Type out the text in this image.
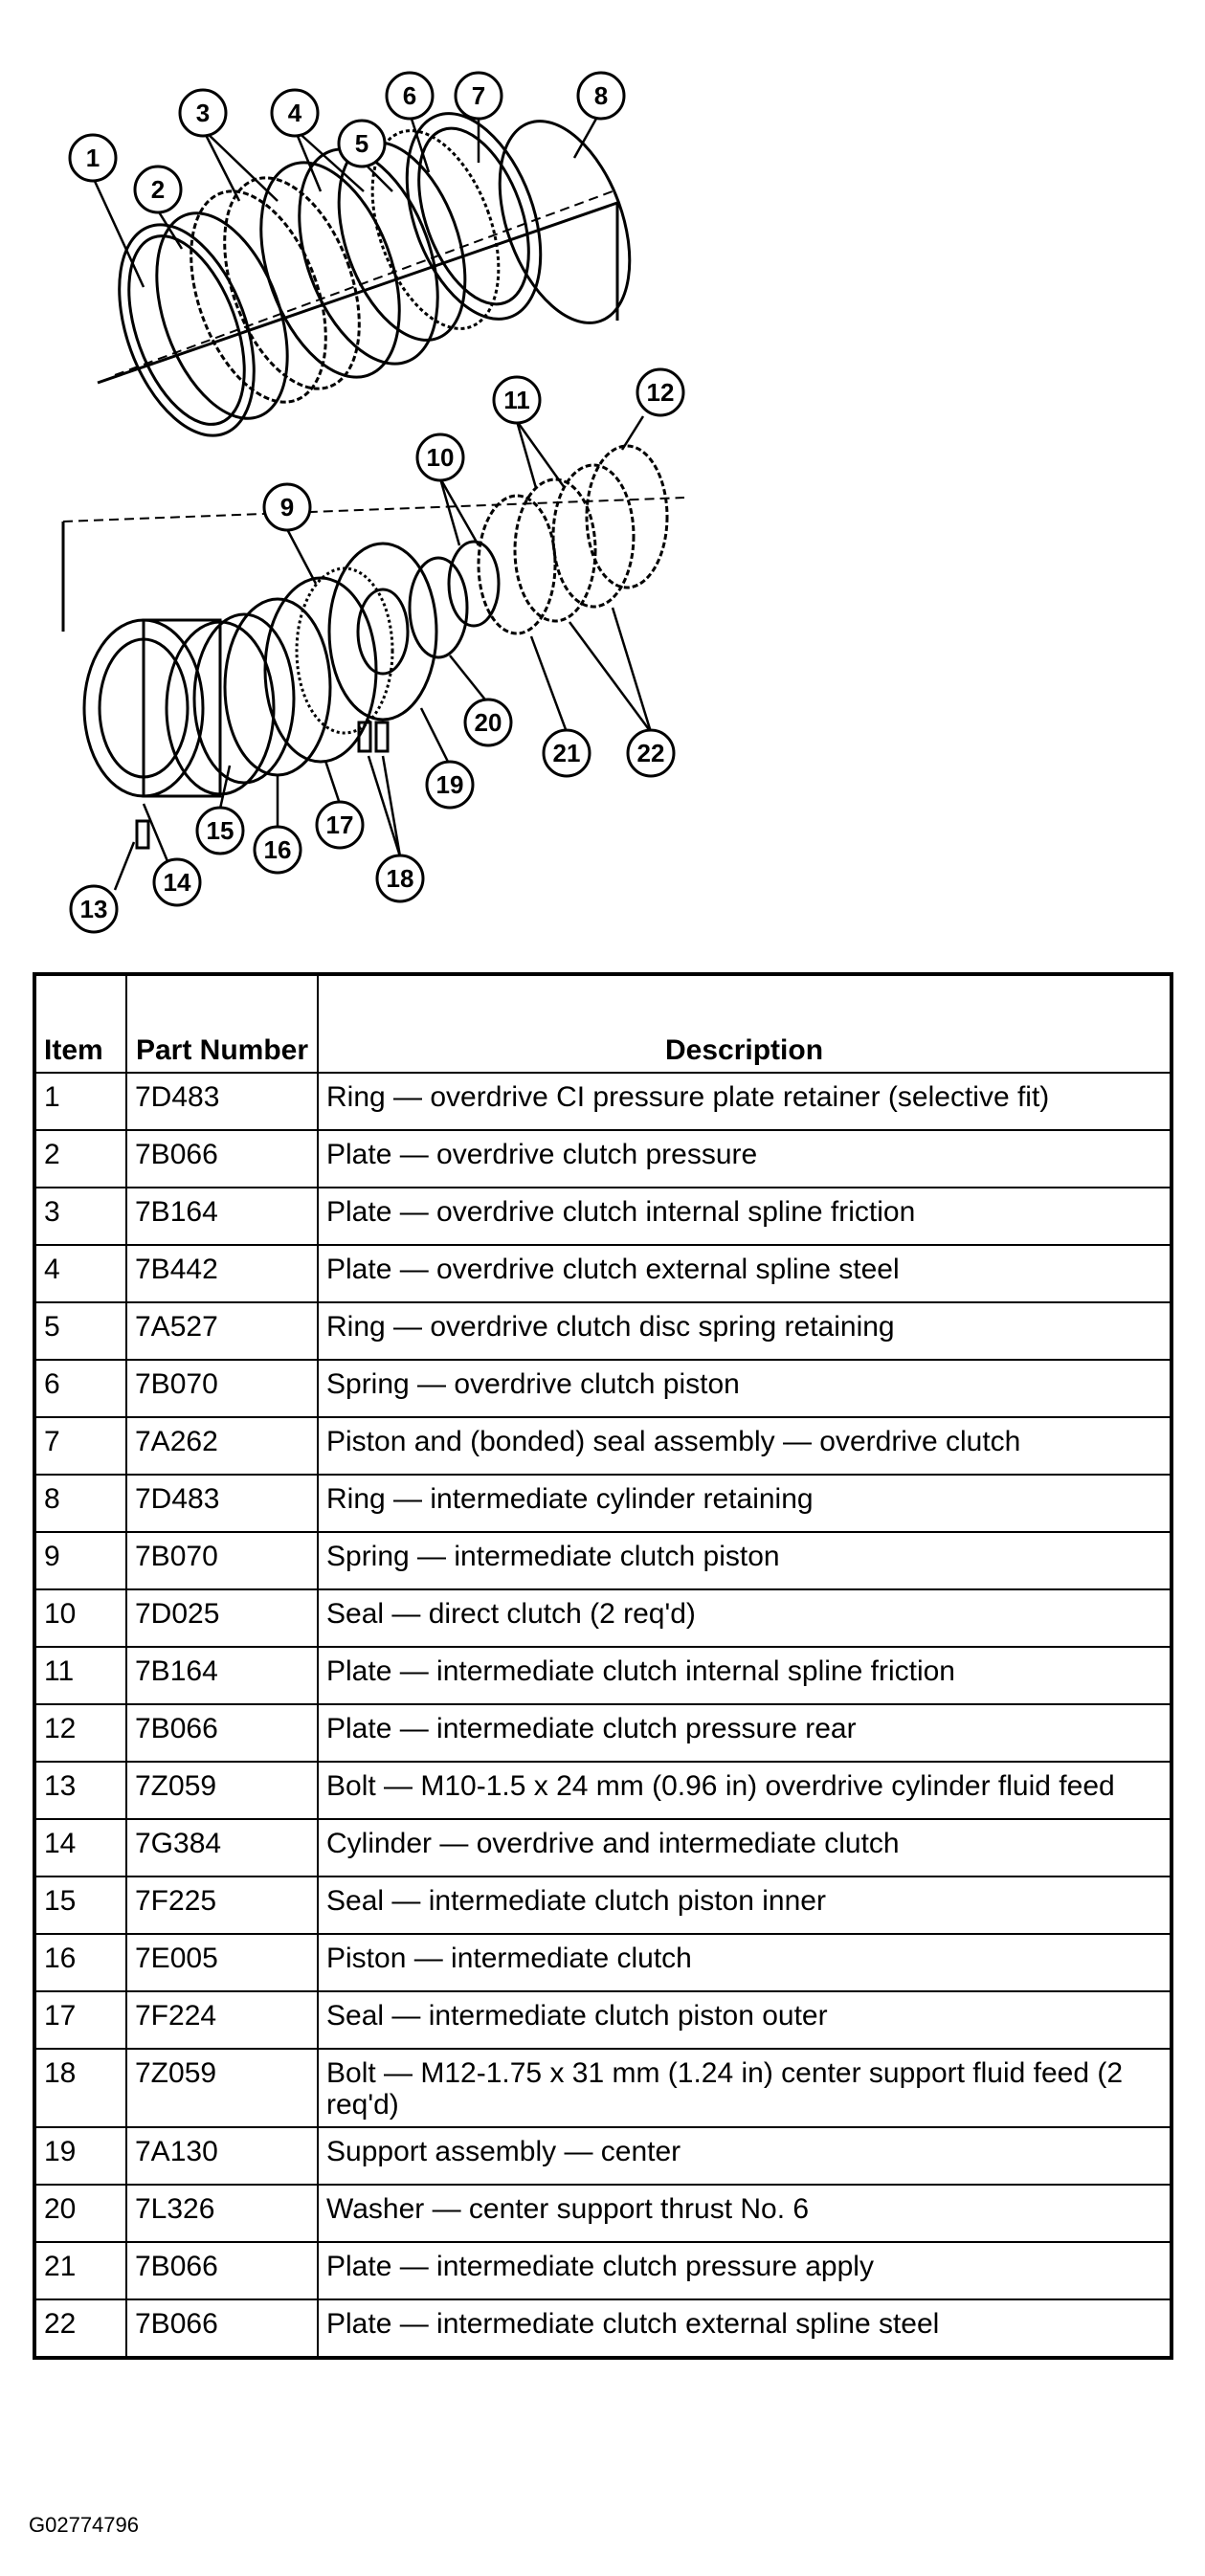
1
2
3	4
5
6 7	8
9
10
11	12
13
14
15
16
17
18
19
20
21 22
Item	Part Number	Description
1	7D483	Ring — overdrive CI pressure plate retainer (selective fit)
2	7B066	Plate — overdrive clutch pressure
3	7B164	Plate — overdrive clutch internal spline friction
4	7B442	Plate — overdrive clutch external spline steel
5	7A527	Ring — overdrive clutch disc spring retaining
6	7B070	Spring — overdrive clutch piston
7	7A262	Piston and (bonded) seal assembly — overdrive clutch
8	7D483	Ring — intermediate cylinder retaining
9	7B070	Spring — intermediate clutch piston
10	7D025	Seal — direct clutch (2 req'd)
11	7B164	Plate — intermediate clutch internal spline friction
12	7B066	Plate — intermediate clutch pressure rear
13	7Z059	Bolt — M10-1.5 x 24 mm (0.96 in) overdrive cylinder fluid feed
14	7G384	Cylinder — overdrive and intermediate clutch
15	7F225	Seal — intermediate clutch piston inner
16	7E005	Piston — intermediate clutch
17	7F224	Seal — intermediate clutch piston outer
18	7Z059	Bolt — M12-1.75 x 31 mm (1.24 in) center support fluid feed (2 req'd)
19	7A130	Support assembly — center
20	7L326	Washer — center support thrust No. 6
21	7B066	Plate — intermediate clutch pressure apply
22	7B066	Plate — intermediate clutch external spline steel
G02774796
